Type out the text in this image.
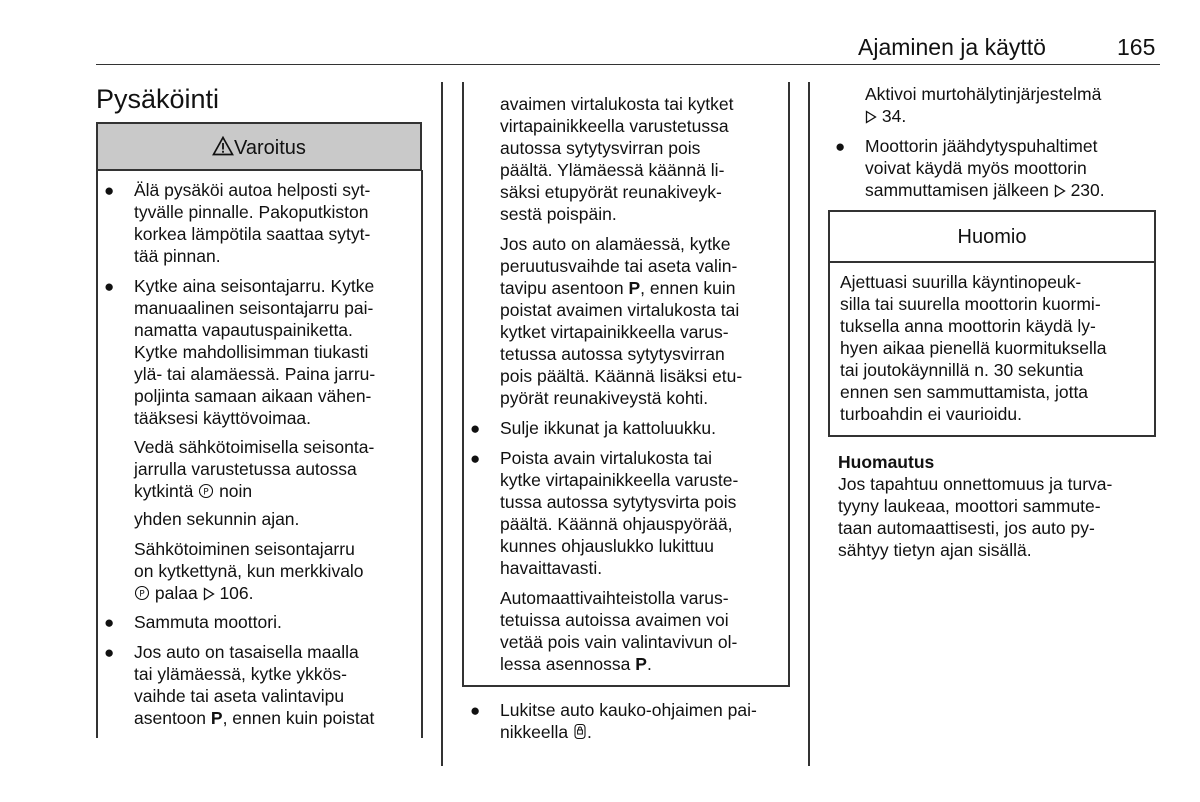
Ajaminen ja käyttö	165
Pysäköinti
Varoitus
● Älä pysäköi autoa helposti syt-
tyvälle pinnalle. Pakoputkiston
korkea lämpötila saattaa sytyt-
tää pinnan.
● Kytke aina seisontajarru. Kytke
manuaalinen seisontajarru pai-
namatta vapautuspainiketta.
Kytke mahdollisimman tiukasti
ylä- tai alamäessä. Paina jarru-
poljinta samaan aikaan vähen-
tääksesi käyttövoimaa.
Vedä sähkötoimisella seisonta-
jarrulla varustetussa autossa
kytkintä P noin
yhden sekunnin ajan.
Sähkötoiminen seisontajarru
on kytkettynä, kun merkkivalo
P palaa 106.
● Sammuta moottori.
● Jos auto on tasaisella maalla
tai ylämäessä, kytke ykkös-
vaihde tai aseta valintavipu
asentoon P, ennen kuin poistat
avaimen virtalukosta tai kytket
virtapainikkeella varustetussa
autossa sytytysvirran pois
päältä. Ylämäessä käännä li-
säksi etupyörät reunakiveyk-
sestä poispäin.
Jos auto on alamäessä, kytke
peruutusvaihde tai aseta valin-
tavipu asentoon P, ennen kuin
poistat avaimen virtalukosta tai
kytket virtapainikkeella varus-
tetussa autossa sytytysvirran
pois päältä. Käännä lisäksi etu-
pyörät reunakiveystä kohti.
● Sulje ikkunat ja kattoluukku.
● Poista avain virtalukosta tai
kytke virtapainikkeella varuste-
tussa autossa sytytysvirta pois
päältä. Käännä ohjauspyörää,
kunnes ohjauslukko lukittuu
havaittavasti.
Automaattivaihteistolla varus-
tetuissa autoissa avaimen voi
vetää pois vain valintavivun ol-
lessa asennossa P.
● Lukitse auto kauko-ohjaimen pai-
nikkeella .
Aktivoi murtohälytinjärjestelmä
34.
● Moottorin jäähdytyspuhaltimet
voivat käydä myös moottorin
sammuttamisen jälkeen 230.
Huomio
Ajettuasi suurilla käyntinopeuk-
silla tai suurella moottorin kuormi-
tuksella anna moottorin käydä ly-
hyen aikaa pienellä kuormituksella
tai joutokäynnillä n. 30 sekuntia
ennen sen sammuttamista, jotta
turboahdin ei vaurioidu.
Huomautus
Jos tapahtuu onnettomuus ja turva-
tyyny laukeaa, moottori sammute-
taan automaattisesti, jos auto py-
sähtyy tietyn ajan sisällä.
